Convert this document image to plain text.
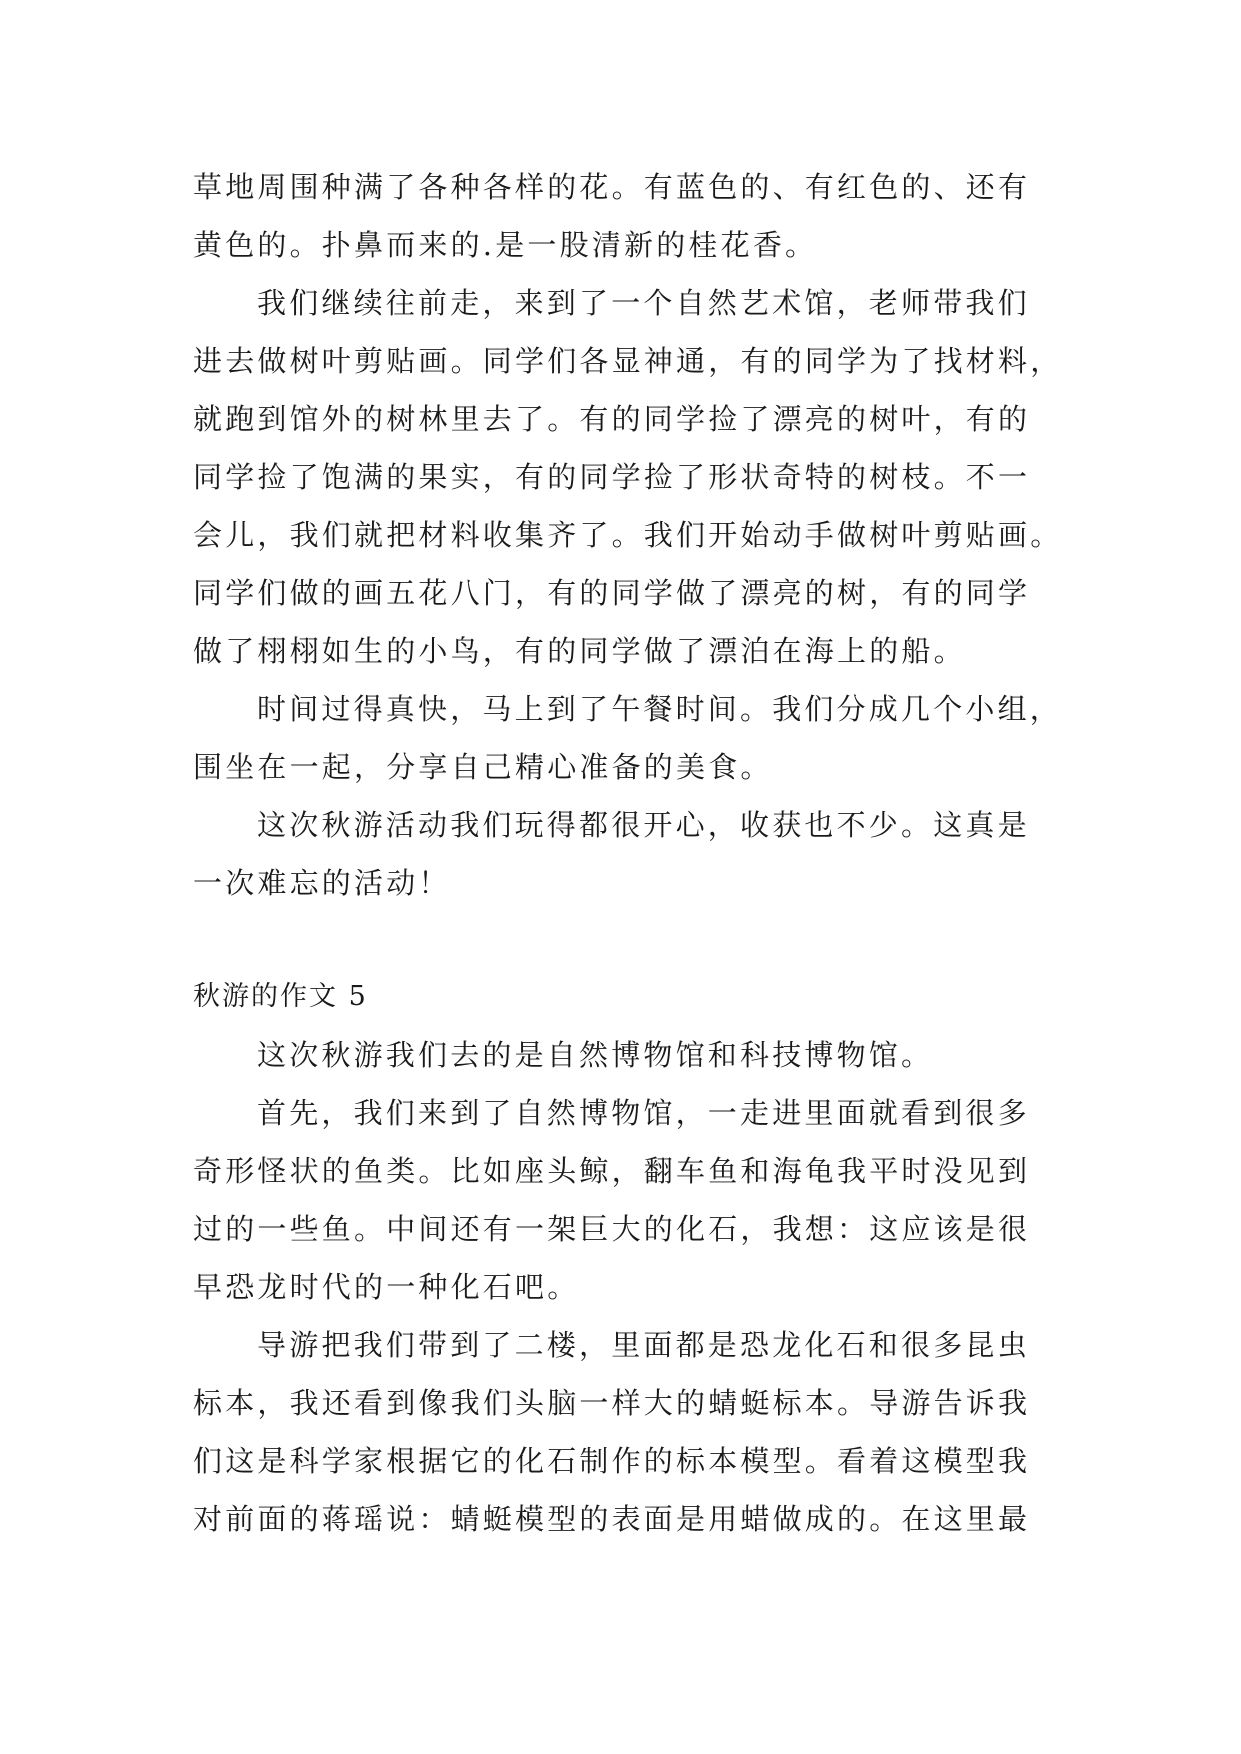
草地周围种满了各种各样的花。有蓝色的、有红色的、还有
黄色的。扑鼻而来的.是一股清新的桂花香。
我们继续往前走，来到了一个自然艺术馆，老师带我们
进去做树叶剪贴画。同学们各显神通，有的同学为了找材料，
就跑到馆外的树林里去了。有的同学捡了漂亮的树叶，有的
同学捡了饱满的果实，有的同学捡了形状奇特的树枝。不一
会儿，我们就把材料收集齐了。我们开始动手做树叶剪贴画。
同学们做的画五花八门，有的同学做了漂亮的树，有的同学
做了栩栩如生的小鸟，有的同学做了漂泊在海上的船。
时间过得真快，马上到了午餐时间。我们分成几个小组，
围坐在一起，分享自己精心准备的美食。
这次秋游活动我们玩得都很开心，收获也不少。这真是
一次难忘的活动！
秋游的作文 5
这次秋游我们去的是自然博物馆和科技博物馆。
首先，我们来到了自然博物馆，一走进里面就看到很多
奇形怪状的鱼类。比如座头鲸，翻车鱼和海龟我平时没见到
过的一些鱼。中间还有一架巨大的化石，我想：这应该是很
早恐龙时代的一种化石吧。
导游把我们带到了二楼，里面都是恐龙化石和很多昆虫
标本，我还看到像我们头脑一样大的蜻蜓标本。导游告诉我
们这是科学家根据它的化石制作的标本模型。看着这模型我
对前面的蒋瑶说：蜻蜓模型的表面是用蜡做成的。在这里最
